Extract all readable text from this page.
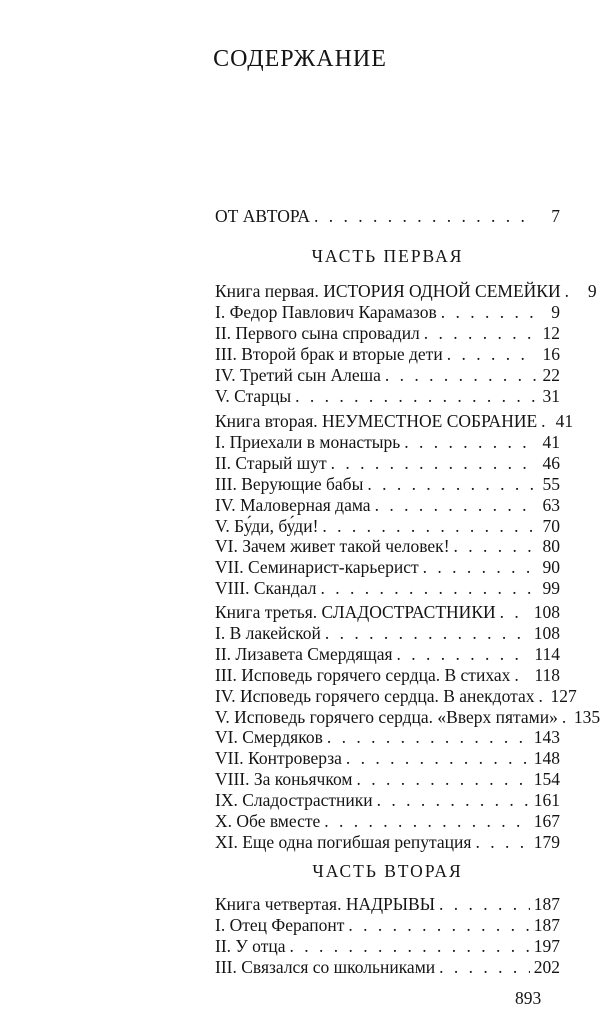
СОДЕРЖАНИЕ
ОТ АВТОРА . . .	7
ЧАСТЬ ПЕРВАЯ
ЧАСТЬ ВТОРАЯ
Книга первая. ИСТОРИЯ ОДНОЙ СЕМЕЙКИ . . .	9
I. Федор Павлович Карамазов . . .	9
II. Первого сына спровадил . . .	12
III. Второй брак и вторые дети . . .	16
IV. Третий сын Алеша . . .	22
V. Старцы . . .	31
Книга вторая. НЕУМЕСТНОЕ СОБРАНИЕ . . .	41
I. Приехали в монастырь . . .	41
II. Старый шут . . .	46
III. Верующие бабы . . .	55
IV. Маловерная дама . . .	63
V. Бу́ди, бу́ди! . . .	70
VI. Зачем живет такой человек! . . .	80
VII. Семинарист-карьерист . . .	90
VIII. Скандал . . .	99
Книга третья. СЛАДОСТРАСТНИКИ . . . 108
I. В лакейской . . .	108
II. Лизавета Смердящая . . .	114
III. Исповедь горячего сердца. В стихах . . . 118
IV. Исповедь горячего сердца. В анекдотах . . . 127
V. Исповедь горячего сердца. «Вверх пятами» . . . 135
VI. Смердяков . . .	143
VII. Контроверза . . .	148
VIII. За коньячком . . .	154
IX. Сладострастники . . .	161
X. Обе вместе . . .	167
XI. Еще одна погибшая репутация . . .	179
Книга четвертая. НАДРЫВЫ . . .	187
I. Отец Ферапонт . . .	187
II. У отца . . .	197
III. Связался со школьниками . . .	202
893
